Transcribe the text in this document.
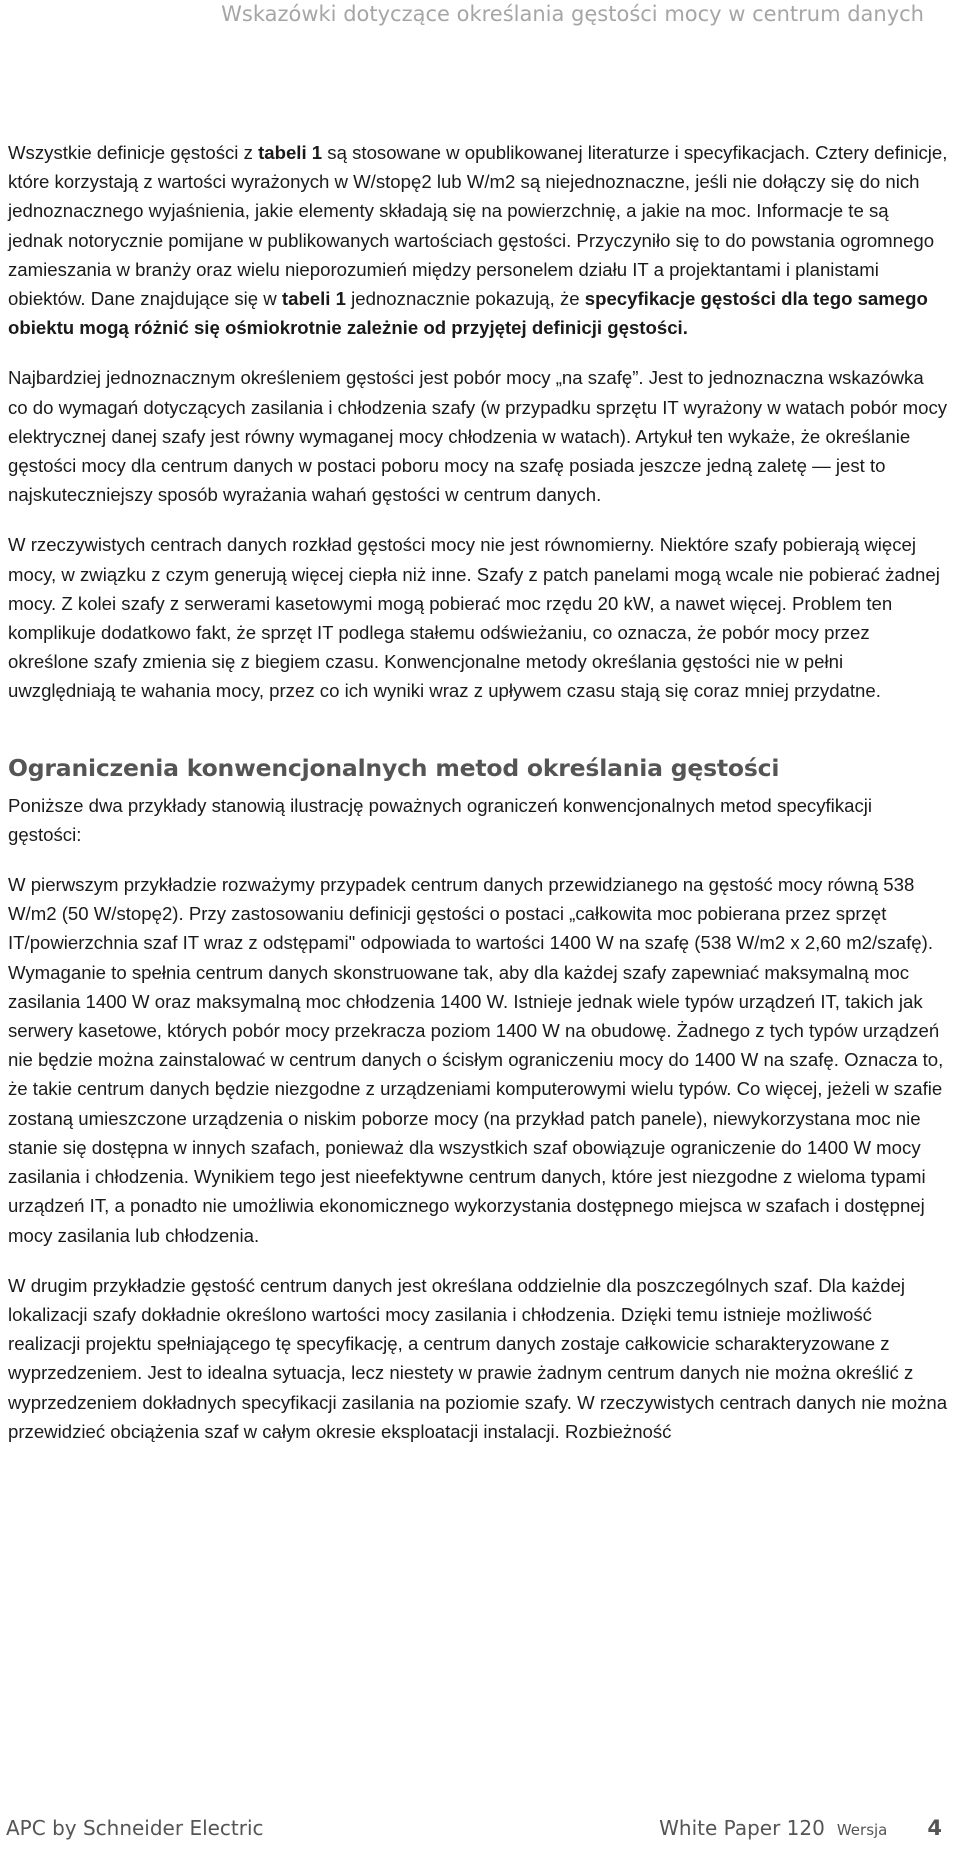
Wskazówki dotyczące określania gęstości mocy w centrum danych

Wszystkie definicje gęstości z tabeli 1 są stosowane w opublikowanej literaturze i specyfikacjach. Cztery definicje, które korzystają z wartości wyrażonych w W/stopę2 lub W/m2 są niejednoznaczne, jeśli nie dołączy się do nich jednoznacznego wyjaśnienia, jakie elementy składają się na powierzchnię, a jakie na moc. Informacje te są jednak notorycznie pomijane w publikowanych wartościach gęstości. Przyczyniło się to do powstania ogromnego zamieszania w branży oraz wielu nieporozumień między personelem działu IT a projektantami i planistami obiektów. Dane znajdujące się w tabeli 1 jednoznacznie pokazują, że specyfikacje gęstości dla tego samego obiektu mogą różnić się ośmiokrotnie zależnie od przyjętej definicji gęstości.

Najbardziej jednoznacznym określeniem gęstości jest pobór mocy „na szafę”. Jest to jednoznaczna wskazówka co do wymagań dotyczących zasilania i chłodzenia szafy (w przypadku sprzętu IT wyrażony w watach pobór mocy elektrycznej danej szafy jest równy wymaganej mocy chłodzenia w watach). Artykuł ten wykaże, że określanie gęstości mocy dla centrum danych w postaci poboru mocy na szafę posiada jeszcze jedną zaletę — jest to najskuteczniejszy sposób wyrażania wahań gęstości w centrum danych.

W rzeczywistych centrach danych rozkład gęstości mocy nie jest równomierny. Niektóre szafy pobierają więcej mocy, w związku z czym generują więcej ciepła niż inne. Szafy z patch panelami mogą wcale nie pobierać żadnej mocy. Z kolei szafy z serwerami kasetowymi mogą pobierać moc rzędu 20 kW, a nawet więcej. Problem ten komplikuje dodatkowo fakt, że sprzęt IT podlega stałemu odświeżaniu, co oznacza, że pobór mocy przez określone szafy zmienia się z biegiem czasu. Konwencjonalne metody określania gęstości nie w pełni uwzględniają te wahania mocy, przez co ich wyniki wraz z upływem czasu stają się coraz mniej przydatne.

Ograniczenia konwencjonalnych metod określania gęstości

Poniższe dwa przykłady stanowią ilustrację poważnych ograniczeń konwencjonalnych metod specyfikacji gęstości:

W pierwszym przykładzie rozważymy przypadek centrum danych przewidzianego na gęstość mocy równą 538 W/m2 (50 W/stopę2). Przy zastosowaniu definicji gęstości o postaci „całkowita moc pobierana przez sprzęt IT/powierzchnia szaf IT wraz z odstępami" odpowiada to wartości 1400 W na szafę (538 W/m2 x 2,60 m2/szafę). Wymaganie to spełnia centrum danych skonstruowane tak, aby dla każdej szafy zapewniać maksymalną moc zasilania 1400 W oraz maksymalną moc chłodzenia 1400 W. Istnieje jednak wiele typów urządzeń IT, takich jak serwery kasetowe, których pobór mocy przekracza poziom 1400 W na obudowę. Żadnego z tych typów urządzeń nie będzie można zainstalować w centrum danych o ścisłym ograniczeniu mocy do 1400 W na szafę. Oznacza to, że takie centrum danych będzie niezgodne z urządzeniami komputerowymi wielu typów. Co więcej, jeżeli w szafie zostaną umieszczone urządzenia o niskim poborze mocy (na przykład patch panele), niewykorzystana moc nie stanie się dostępna w innych szafach, ponieważ dla wszystkich szaf obowiązuje ograniczenie do 1400 W mocy zasilania i chłodzenia. Wynikiem tego jest nieefektywne centrum danych, które jest niezgodne z wieloma typami urządzeń IT, a ponadto nie umożliwia ekonomicznego wykorzystania dostępnego miejsca w szafach i dostępnej mocy zasilania lub chłodzenia.

W drugim przykładzie gęstość centrum danych jest określana oddzielnie dla poszczególnych szaf. Dla każdej lokalizacji szafy dokładnie określono wartości mocy zasilania i chłodzenia. Dzięki temu istnieje możliwość realizacji projektu spełniającego tę specyfikację, a centrum danych zostaje całkowicie scharakteryzowane z wyprzedzeniem. Jest to idealna sytuacja, lecz niestety w prawie żadnym centrum danych nie można określić z wyprzedzeniem dokładnych specyfikacji zasilania na poziomie szafy. W rzeczywistych centrach danych nie można przewidzieć obciążenia szaf w całym okresie eksploatacji instalacji. Rozbieżność

APC by Schneider Electric	White Paper 120 Wersja 4
